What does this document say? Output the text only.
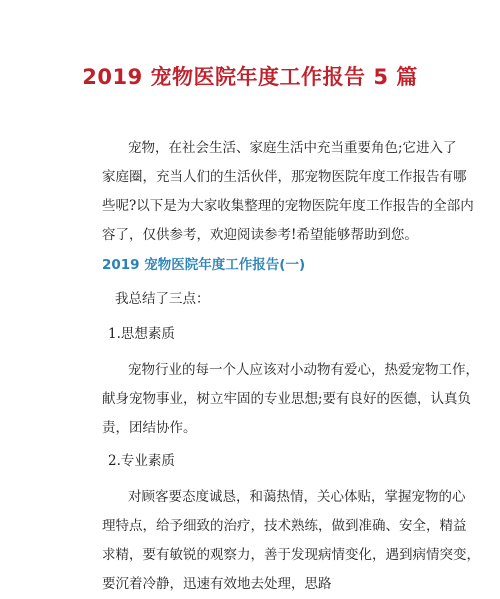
2019 宠物医院年度工作报告 5 篇
宠物，在社会生活、家庭生活中充当重要角色;它进入了
家庭圈，充当人们的生活伙伴，那宠物医院年度工作报告有哪
些呢?以下是为大家收集整理的宠物医院年度工作报告的全部内
容了，仅供参考，欢迎阅读参考!希望能够帮助到您。
2019 宠物医院年度工作报告(一)
我总结了三点：
1.思想素质
宠物行业的每一个人应该对小动物有爱心，热爱宠物工作，
献身宠物事业，树立牢固的专业思想;要有良好的医德，认真负
责，团结协作。
2.专业素质
对顾客要态度诚恳，和蔼热情，关心体贴，掌握宠物的心
理特点，给予细致的治疗，技术熟练，做到准确、安全，精益
求精，要有敏锐的观察力，善于发现病情变化，遇到病情突变，
要沉着冷静，迅速有效地去处理，思路
